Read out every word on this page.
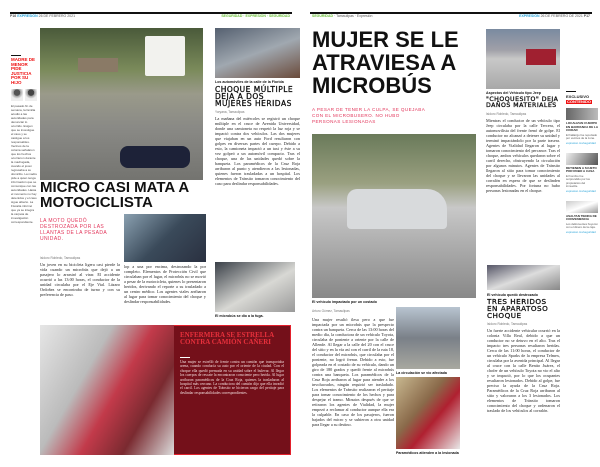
P16 EXPRESIÓN 26 DE FEBRERO 2021	SEGURIDAD · EXPRESIÓN · SEGURIDAD
MADRE DE MENOR PIDE JUSTICIA POR SU HIJO
El pasado fin de semana, la familia acudió a las autoridades para denunciar lo ocurrido. Exigen que se investigue el caso y se castigue a los responsables. Vecinos de la colonia señalaron que los hechos ocurrieron durante la madrugada, cuando el joven regresaba a su domicilio. La madre pide a quien tenga información que se comunique con las autoridades. Hasta el momento no hay detenidos y el caso sigue abierto. La Fiscalía informó que ya se integra la carpeta de investigación correspondiente.
MICRO CASI MATA A MOTOCICLISTA
LA MOTO QUEDÓ DESTROZADA POR LAS LLANTAS DE LA PESADA UNIDAD.
Isidoro Robledo, Tamaulipas
Un joven en su bicicleta ligera casi pierde la vida cuando un microbús que dejó a un pasajero lo arrastró al virar. El accidente ocurrió a las 13:00 horas, el conductor de la unidad circulaba por el Eje Vial. Lázaro Ordoñez se encontraba de turno y con su preferencia de paso.
lop a una por encima, destrozando la por completo. Elementos de Protección Civil que circulaban por el lugar, el microbús no se movió a pesar de la motocicleta, quienes lo presentaron heridos, derivando el reporte a su trasladado a un centro médico. Los agentes viales arribaron al lugar para tomar conocimiento del choque y deslindar responsabilidades.
Los automóviles de la calle de la Florida
CHOQUE MÚLTIPLE DEJA A DOS MUJERES HERIDAS
Yoryana, Tamaulipas
La mañana del miércoles se registró un choque múltiple en el cruce de Avenida Universidad, donde una camioneta no respetó la luz roja y se impactó contra dos vehículos. Las dos mujeres que viajaban en un auto Ford resultaron con golpes en diversas partes del cuerpo. Debido a esto, la camioneta impactó a un taxi y éste a su vez golpeó a un automóvil compacto. Tras el choque, una de las unidades quedó sobre la banqueta. Los paramédicos de la Cruz Roja arribaron al punto y atendieron a las lesionadas, quienes fueron trasladadas a un hospital. Los elementos de Tránsito tomaron conocimiento del caso para deslindar responsabilidades.
El microbús se dio a la fuga.
ENFERMERA SE ESTRELLA CONTRA CAMIÓN CAÑERI
Una mujer se estrelló de frente contra un camión que transportaba arena, cuando conducía su auto por el oriente de la ciudad. Con el choque ella quedó prensada en su unidad sobre el bulevar. Al llegar los cuerpos de rescate la encontraron consciente pero herida. Al lugar arribaron paramédicos de la Cruz Roja, quienes la trasladaron al hospital más cercano. La conductora del camión dijo que ella invadió el carril. Los agentes de Tránsito se hicieron cargo del peritaje para deslindar responsabilidades correspondientes.
SEGURIDAD · Tamaulipas · Expresión	EXPRESIÓN 26 DE FEBRERO DE 2021 P17
MUJER SE LE ATRAVIESA A MICROBÚS
A PESAR DE TENER LA CULPA, SE QUEJABA CON EL MICROBUSERO. NO HUBO PERSONAS LESIONADAS
El vehículo impactado por un costado
Arturo Gómez, Tamaulipas
Una mujer resultó ilesa pero a que fue impactada por un microbús que la prespecto contra un banqueta. Cerca de las 13:00 horas del medio día, la conductora de un vehículo Toyota, circulaba de poniente a oriente por la calle de Allende. Al llegar a la calle del 20 con el cruce del sitio y en la vía así con el carril de la ruta 18, el conductor del microbús, que circulaba por el poniente, no logró frenar. Debido a esto, fue golpeada en el costado de su vehículo, dando un giro de 180 grados y quedó frente al microbús contra una banqueta. Los paramédicos de la Cruz Roja arribaron al lugar para atender a los involucrados, ningún requirió ser trasladado. Los elementos de Tránsito realizaron el peritaje para tomar conocimiento de los hechos y para despejar el tramo. Minutos después de que se retiraron los agentes de Vialidad, la mujer empezó a reclamar al conductor aunque ella era la culpable. En caso de los pasajeros, fueron bajados del micro y se subieron a otra unidad para llegar a su destino.
La circulación se vio afectada
Paramédicos atienden a la lesionada
Aspectos del Vehículo tipo Jeep
"CHOQUESITO" DEJA DAÑOS MATERIALES
Isidoro Robledo, Tamaulipas
Mientras el conductor de un vehículo tipo Jeep circulaba por la calle Tercera, el automovilista del frente frenó de golpe. El conductor no alcanzó a detener su unidad y terminó impactándolo por la parte trasera. Agentes de Vialidad llegaron al lugar y tomaron conocimiento del percance. Tras el choque, ambos vehículos quedaron sobre el carril derecho, obstruyendo la circulación por algunos minutos. Agentes de Tránsito llegaron al sitio para tomar conocimiento del choque y se llevaron las unidades al corralón en espera de que se deslinden responsabilidades. Por fortuna no hubo personas lesionadas en el choque.
El vehículo quedó destrozado
TRES HERIDOS EN APARATOSO CHOQUE
Isidoro Robledo, Tamaulipas
Un fuerte accidente vehicular ocurrió en la colonia Villa Real, debido a que un conductor no se detuvo en el alto. Tras el impacto tres personas resultaron heridas. Cerca de las 11:00 horas, el conductor de un vehículo Sparks de la empresa Telmex, circulaba por la avenida principal. Al llegar al cruce con la calle Benito Juárez, el chofer de un vehículo Toyota no vio el alto y se impactó, por lo que los ocupantes resultaron lesionados. Debido al golpe, fue preciso la ayuda de la Cruz Roja. Paramédicos de la Cruz Roja arribaron al sitio y valoraron a los 3 lesionados. Los elementos de Tránsito tomaron conocimiento del choque y ordenaron el traslado de los vehículos al corralón.
EXCLUSIVO
CONTENIDO
LOCALIZAN CUERPO EN BARRANCA DE LA CIUDAD
El hallazgo fue reportado por vecinos de la zona.
expresion.mx/seguridad
DETIENEN A SUJETO POR ROBO A CASA
El hombre fue sorprendido por los propietarios del inmueble.
expresion.mx/seguridad
ASALTAN TIENDA DE CONVENIENCIA
Los delincuentes huyeron con el dinero de la caja.
expresion.mx/seguridad
